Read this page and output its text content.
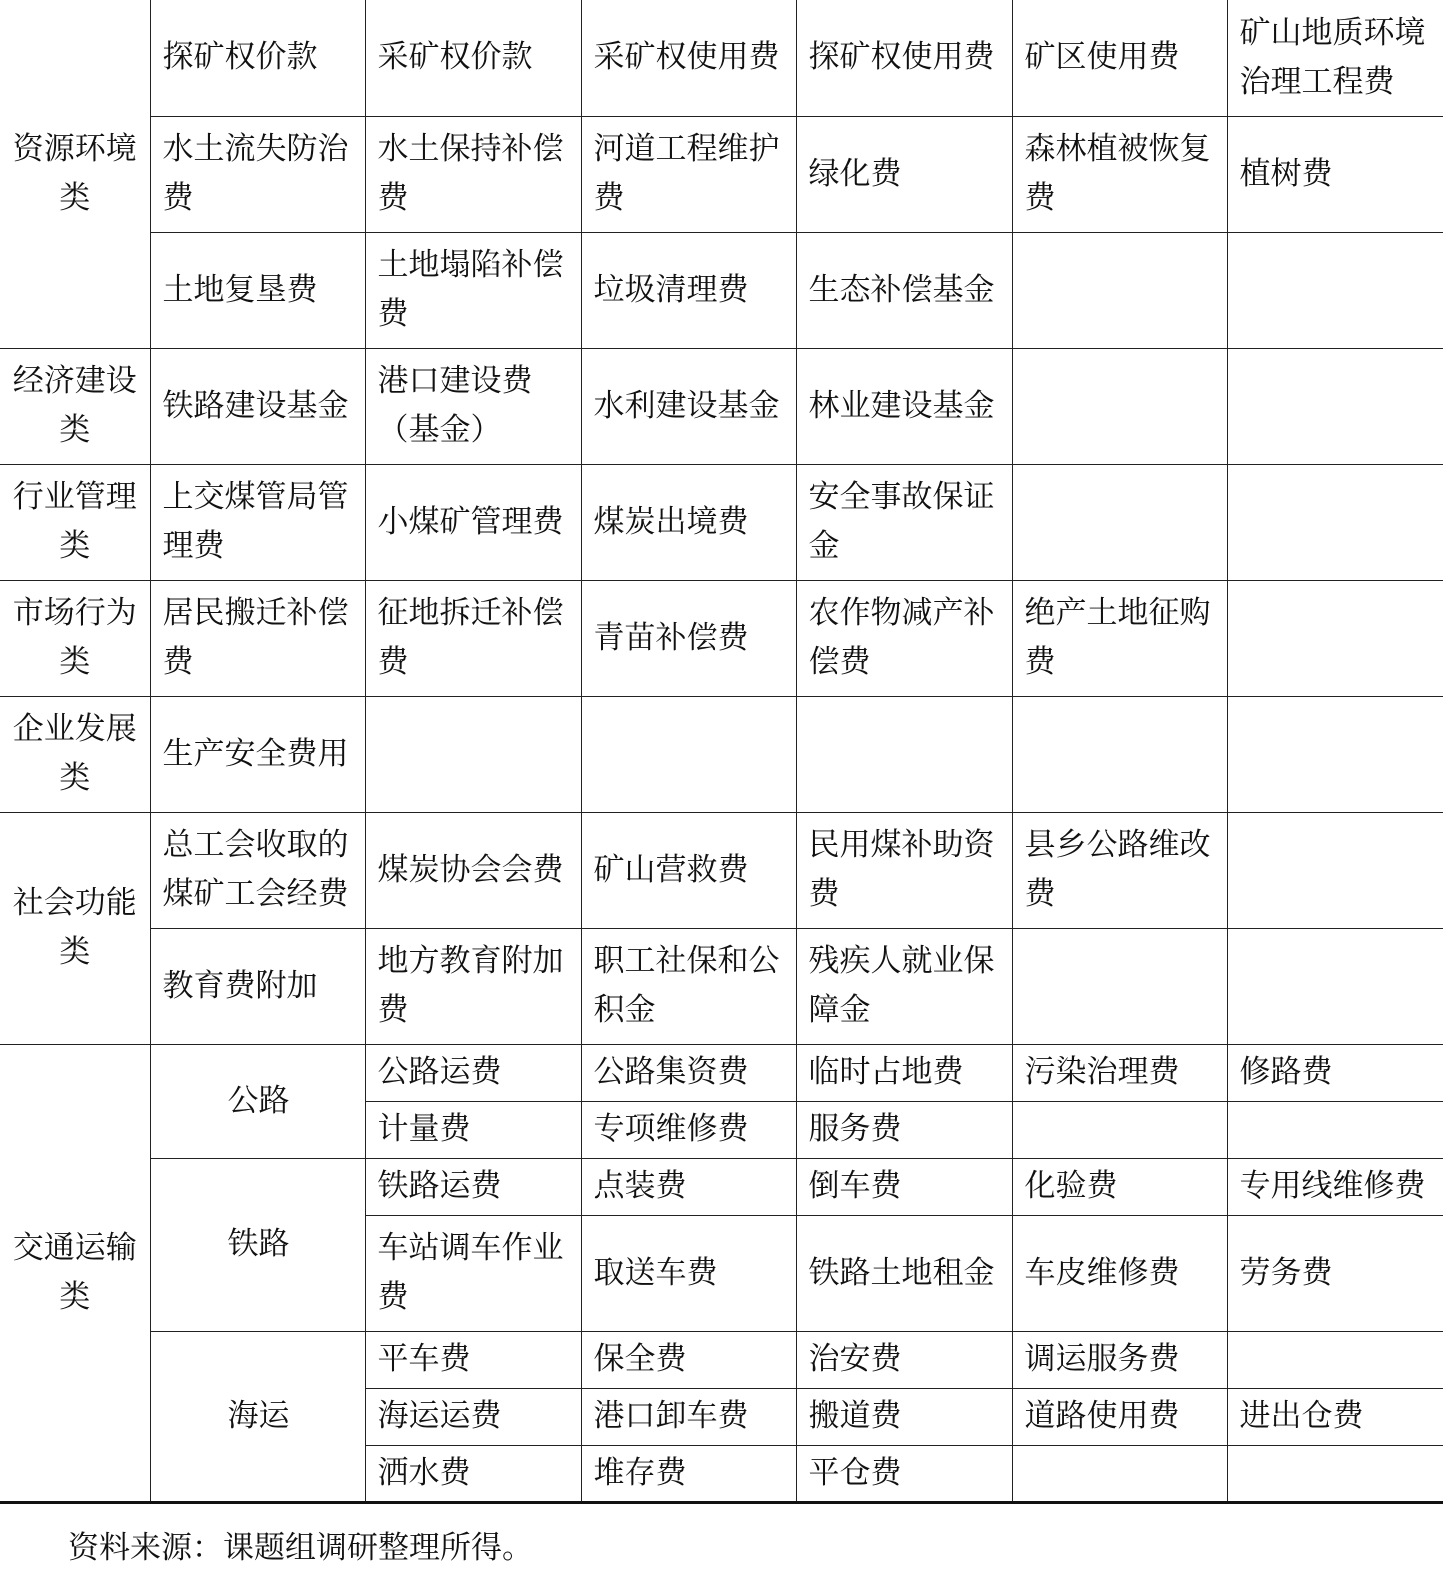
资源环境类	探矿权价款	采矿权价款	采矿权使用费	探矿权使用费	矿区使用费	矿山地质环境治理工程费
	水土流失防治费	水土保持补偿费	河道工程维护费	绿化费	森林植被恢复费	植树费
	土地复垦费	土地塌陷补偿费	垃圾清理费	生态补偿基金		
经济建设类	铁路建设基金	港口建设费（基金）	水利建设基金	林业建设基金		
行业管理类	上交煤管局管理费	小煤矿管理费	煤炭出境费	安全事故保证金		
市场行为类	居民搬迁补偿费	征地拆迁补偿费	青苗补偿费	农作物减产补偿费	绝产土地征购费	
企业发展类	生产安全费用					
社会功能类	总工会收取的煤矿工会经费	煤炭协会会费	矿山营救费	民用煤补助资费	县乡公路维改费	
	教育费附加	地方教育附加费	职工社保和公积金	残疾人就业保障金		
交通运输类	公路	公路运费	公路集资费	临时占地费	污染治理费	修路费
		计量费	专项维修费	服务费		
	铁路	铁路运费	点装费	倒车费	化验费	专用线维修费
		车站调车作业费	取送车费	铁路土地租金	车皮维修费	劳务费
	海运	平车费	保全费	治安费	调运服务费	
		海运运费	港口卸车费	搬道费	道路使用费	进出仓费
		洒水费	堆存费	平仓费		
资料来源：课题组调研整理所得。
